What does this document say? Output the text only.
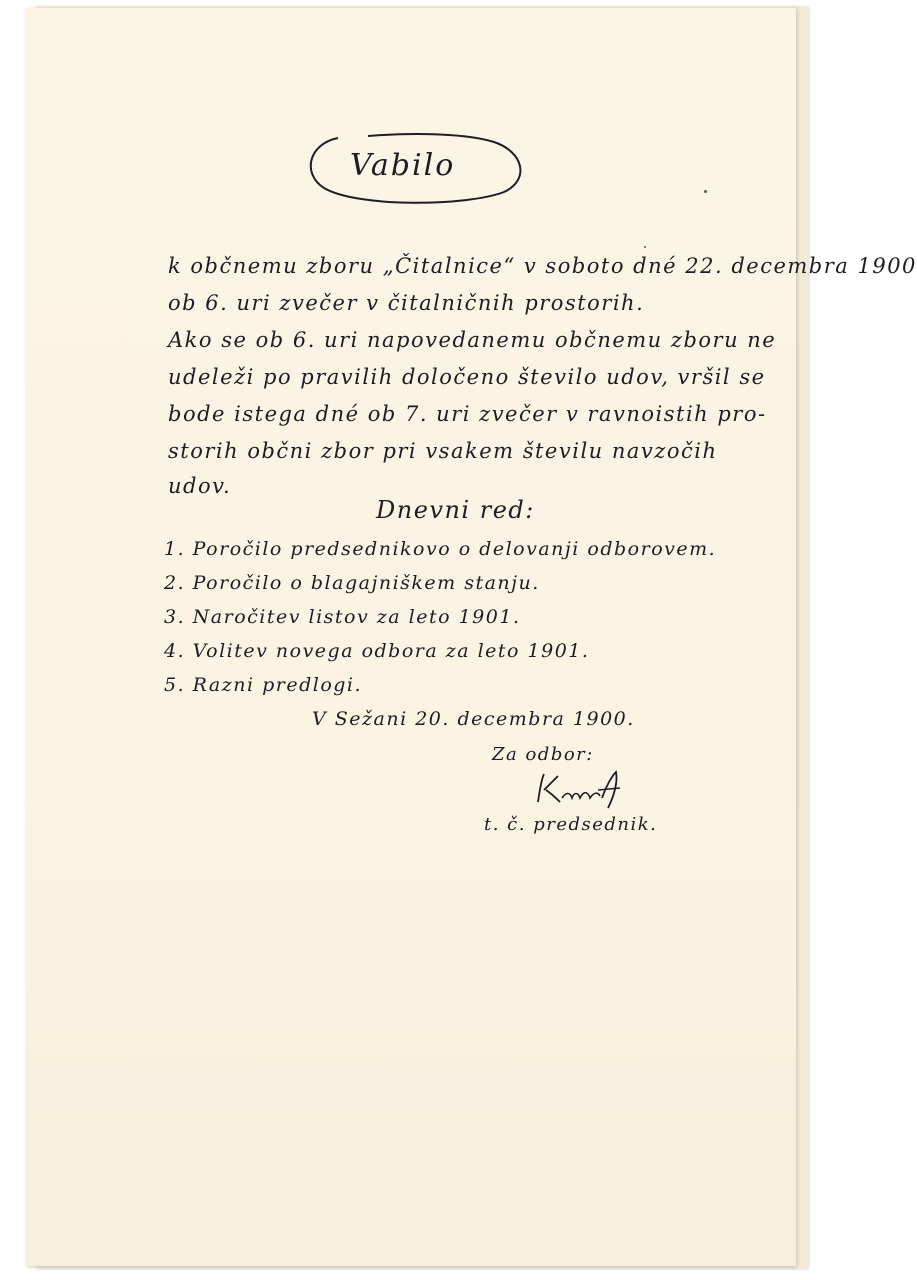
Vabilo
k občnemu zboru „Čitalnice“ v soboto dné 22. decembra 1900
ob 6. uri zvečer v čitalničnih prostorih.
Ako se ob 6. uri napovedanemu občnemu zboru ne
udeleži po pravilih določeno število udov, vršil se
bode istega dné ob 7. uri zvečer v ravnoistih pro-
storih občni zbor pri vsakem številu navzočih
udov.
Dnevni red:
1. Poročilo predsednikovo o delovanji odborovem.
2. Poročilo o blagajniškem stanju.
3. Naročitev listov za leto 1901.
4. Volitev novega odbora za leto 1901.
5. Razni predlogi.
V Sežani 20. decembra 1900.
Za odbor:
t. č. predsednik.
